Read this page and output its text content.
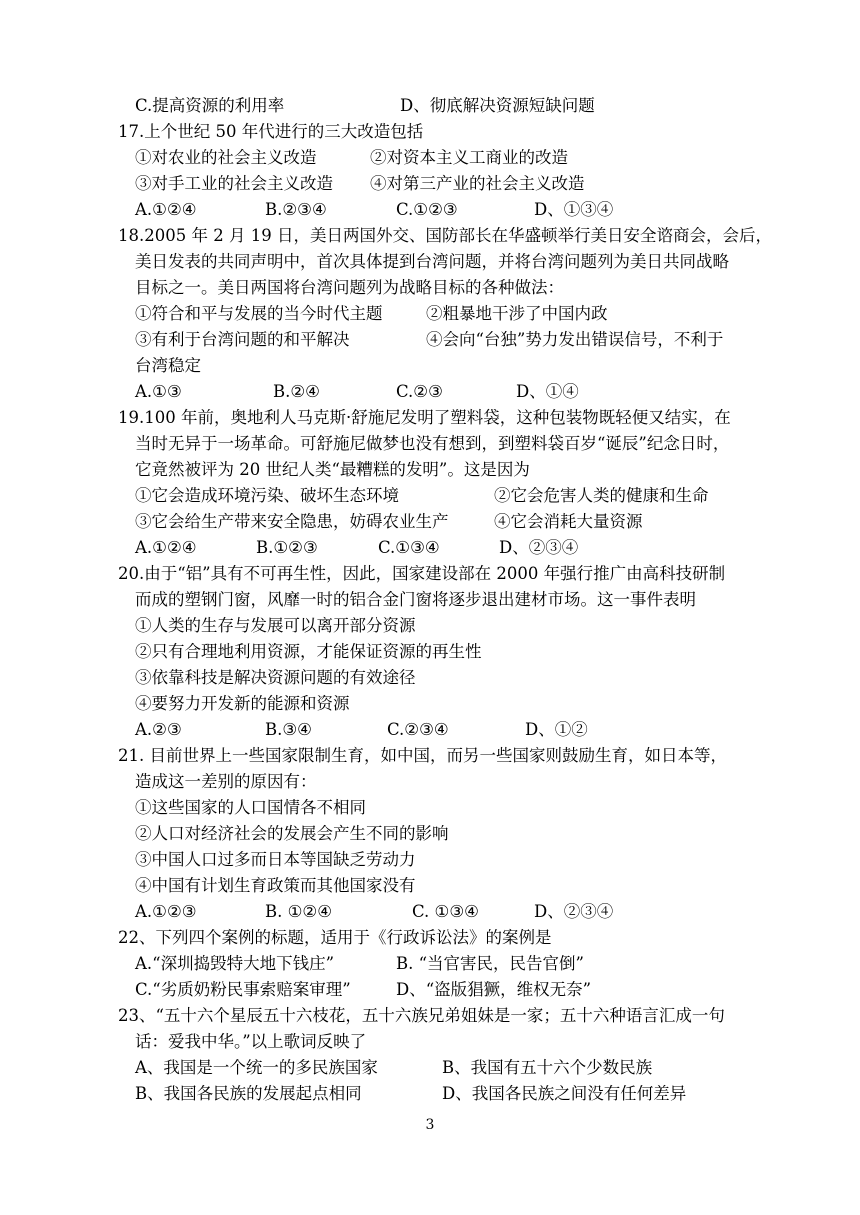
C.提高资源的利用率	D、彻底解决资源短缺问题
17.上个世纪 50 年代进行的三大改造包括
①对农业的社会主义改造	②对资本主义工商业的改造
③对手工业的社会主义改造 ④对第三产业的社会主义改造
A.①②④	B.②③④	C.①②③	D、①③④
18.2005 年 2 月 19 日，美日两国外交、国防部长在华盛顿举行美日安全谘商会，会后，
美日发表的共同声明中，首次具体提到台湾问题，并将台湾问题列为美日共同战略
目标之一。美日两国将台湾问题列为战略目标的各种做法：
①符合和平与发展的当今时代主题	②粗暴地干涉了中国内政
③有利于台湾问题的和平解决	④会向“台独”势力发出错误信号，不利于
台湾稳定
A.①③	B.②④	C.②③	D、①④
19.100 年前，奥地利人马克斯·舒施尼发明了塑料袋，这种包装物既轻便又结实，在
当时无异于一场革命。可舒施尼做梦也没有想到，到塑料袋百岁“诞辰”纪念日时，
它竟然被评为 20 世纪人类“最糟糕的发明”。这是因为
①它会造成环境污染、破坏生态环境	②它会危害人类的健康和生命
③它会给生产带来安全隐患，妨碍农业生产	④它会消耗大量资源
A.①②④	B.①②③	C.①③④	D、②③④
20.由于“铝”具有不可再生性，因此，国家建设部在 2000 年强行推广由高科技研制
而成的塑钢门窗，风靡一时的铝合金门窗将逐步退出建材市场。这一事件表明
①人类的生存与发展可以离开部分资源
②只有合理地利用资源，才能保证资源的再生性
③依靠科技是解决资源问题的有效途径
④要努力开发新的能源和资源
A.②③	B.③④	C.②③④	D、①②
21. 目前世界上一些国家限制生育，如中国，而另一些国家则鼓励生育，如日本等，
造成这一差别的原因有：
①这些国家的人口国情各不相同
②人口对经济社会的发展会产生不同的影响
③中国人口过多而日本等国缺乏劳动力
④中国有计划生育政策而其他国家没有
A.①②③	B. ①②④	C. ①③④	D、②③④
22、下列四个案例的标题，适用于《行政诉讼法》的案例是
A.“深圳捣毁特大地下钱庄”	B. “当官害民，民告官倒”
C.“劣质奶粉民事索赔案审理”	D、“盗版猖獗，维权无奈”
23、“五十六个星辰五十六枝花，五十六族兄弟姐妹是一家；五十六种语言汇成一句
话：爱我中华。”以上歌词反映了
A、我国是一个统一的多民族国家	B、我国有五十六个少数民族
B、我国各民族的发展起点相同	D、我国各民族之间没有任何差异
3
